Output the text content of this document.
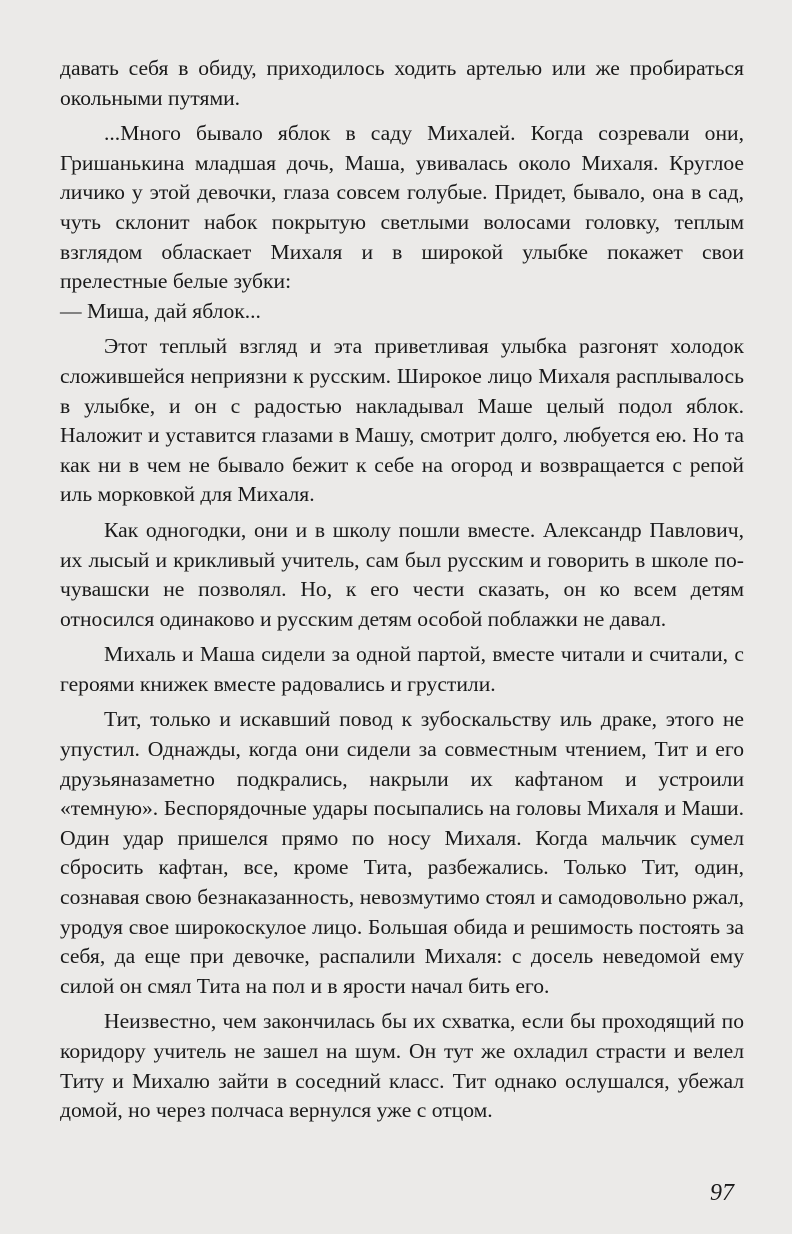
давать себя в обиду, приходилось ходить артелью или же пробираться окольными путями.

...Много бывало яблок в саду Михалей. Когда созревали они, Гришанькина младшая дочь, Маша, увивалась около Михаля. Круглое личико у этой девочки, глаза совсем голубые. Придет, бывало, она в сад, чуть склонит набок покрытую светлыми волосами головку, теплым взглядом обласкает Михаля и в широкой улыбке покажет свои прелестные белые зубки:

— Миша, дай яблок...

Этот теплый взгляд и эта приветливая улыбка разгонят холодок сложившейся неприязни к русским. Широкое лицо Михаля расплывалось в улыбке, и он с радостью накладывал Маше целый подол яблок. Наложит и уставится глазами в Машу, смотрит долго, любуется ею. Но та как ни в чем не бывало бежит к себе на огород и возвращается с репой иль морковкой для Михаля.

Как одногодки, они и в школу пошли вместе. Александр Павлович, их лысый и крикливый учитель, сам был русским и говорить в школе по-чувашски не позволял. Но, к его чести сказать, он ко всем детям относился одинаково и русским детям особой поблажки не давал.

Михаль и Маша сидели за одной партой, вместе читали и считали, с героями книжек вместе радовались и грустили.

Тит, только и искавший повод к зубоскальству иль драке, этого не упустил. Однажды, когда они сидели за совместным чтением, Тит и его друзьяназаметно подкрались, накрыли их кафтаном и устроили «темную». Беспорядочные удары посыпались на головы Михаля и Маши. Один удар пришелся прямо по носу Михаля. Когда мальчик сумел сбросить кафтан, все, кроме Тита, разбежались. Только Тит, один, сознавая свою безнаказанность, невозмутимо стоял и самодовольно ржал, уродуя свое широкоскулое лицо. Большая обида и решимость постоять за себя, да еще при девочке, распалили Михаля: с досель неведомой ему силой он смял Тита на пол и в ярости начал бить его.

Неизвестно, чем закончилась бы их схватка, если бы проходящий по коридору учитель не зашел на шум. Он тут же охладил страсти и велел Титу и Михалю зайти в соседний класс. Тит однако ослушался, убежал домой, но через полчаса вернулся уже с отцом.

97
